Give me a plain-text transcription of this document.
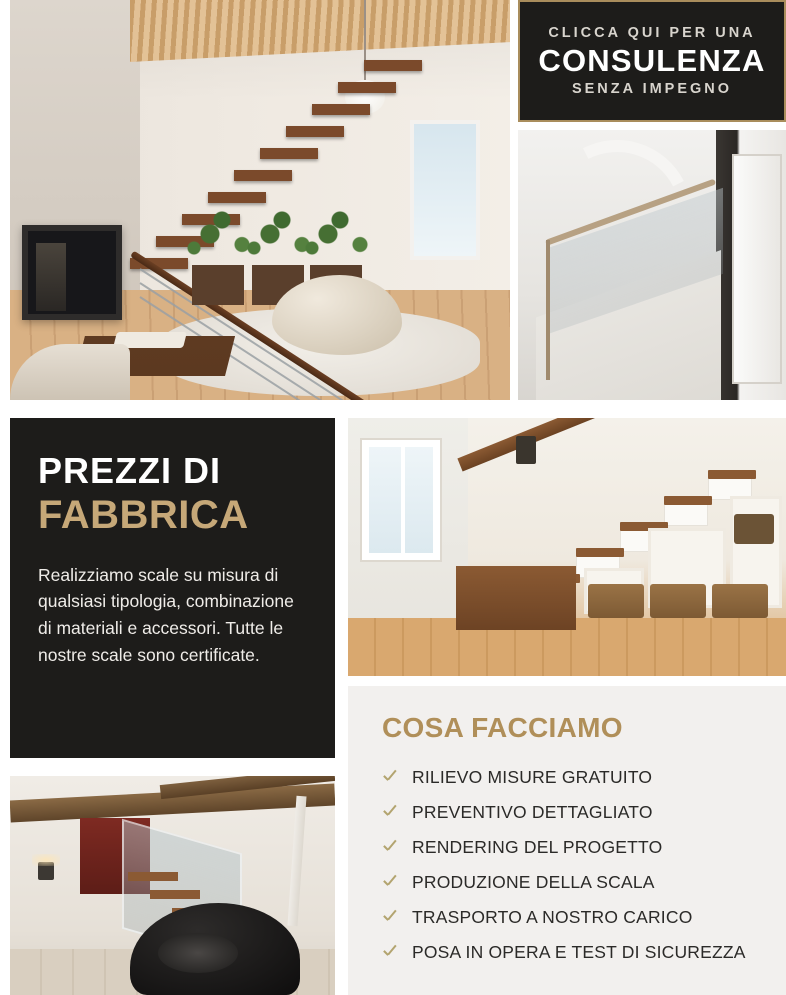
CLICCA QUI PER UNA
CONSULENZA
SENZA IMPEGNO
PREZZI DI
FABBRICA
Realizziamo scale su misura di qualsiasi tipologia, combinazione di materiali e accessori. Tutte le nostre scale sono certificate.
COSA FACCIAMO
RILIEVO MISURE GRATUITO
PREVENTIVO DETTAGLIATO
RENDERING DEL PROGETTO
PRODUZIONE DELLA SCALA
TRASPORTO A NOSTRO CARICO
POSA IN OPERA E TEST DI SICUREZZA
